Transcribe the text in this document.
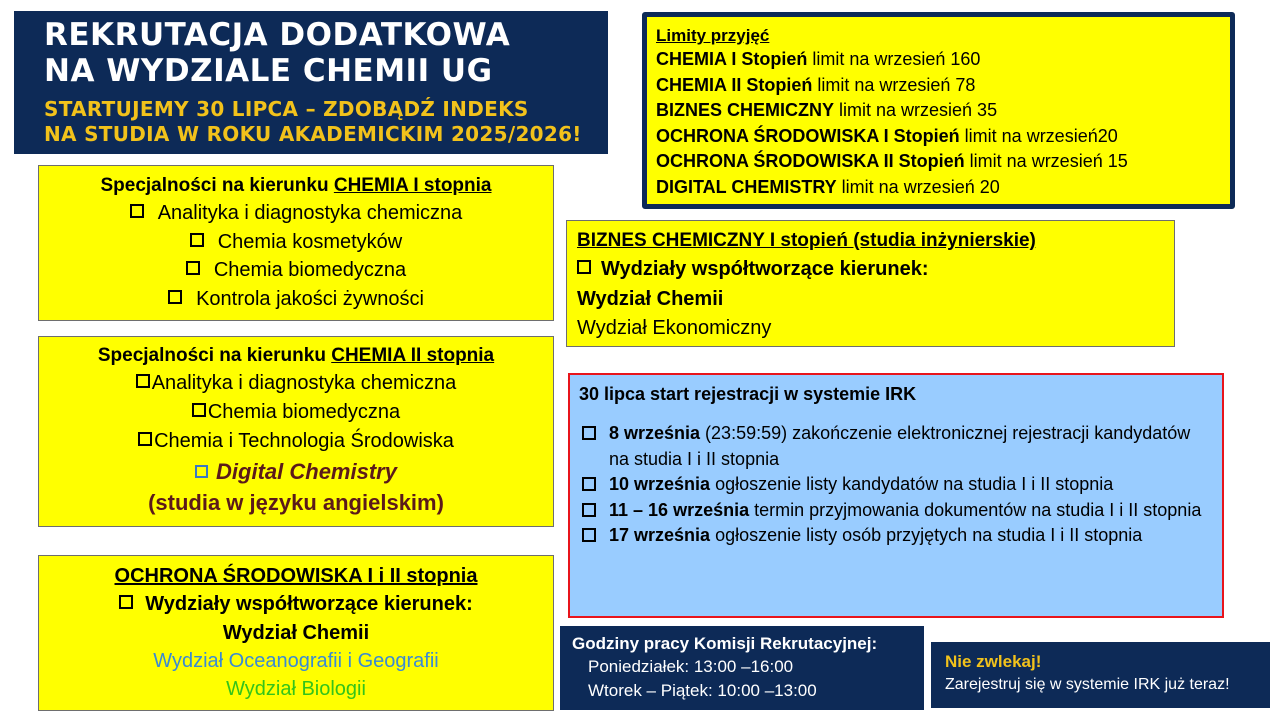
REKRUTACJA DODATKOWA
NA WYDZIALE CHEMII UG
STARTUJEMY 30 LIPCA – ZDOBĄDŹ INDEKS
NA STUDIA W ROKU AKADEMICKIM 2025/2026!
Limity przyjęć
CHEMIA I Stopień limit na wrzesień 160
CHEMIA II Stopień limit na wrzesień 78
BIZNES CHEMICZNY limit na wrzesień 35
OCHRONA ŚRODOWISKA I Stopień limit na wrzesień20
OCHRONA ŚRODOWISKA II Stopień limit na wrzesień 15
DIGITAL CHEMISTRY limit na wrzesień 20
Specjalności na kierunku CHEMIA I stopnia
Analityka i diagnostyka chemiczna
Chemia kosmetyków
Chemia biomedyczna
Kontrola jakości żywności
Specjalności na kierunku CHEMIA II stopnia
Analityka i diagnostyka chemiczna
Chemia biomedyczna
Chemia i Technologia Środowiska
Digital Chemistry
(studia w języku angielskim)
OCHRONA ŚRODOWISKA I i II stopnia
Wydziały współtworzące kierunek:
Wydział Chemii
Wydział Oceanografii i Geografii
Wydział Biologii
BIZNES CHEMICZNY I stopień (studia inżynierskie)
Wydziały współtworzące kierunek:
Wydział Chemii
Wydział Ekonomiczny
30 lipca start rejestracji w systemie IRK
8 września (23:59:59) zakończenie elektronicznej rejestracji kandydatów na studia I i II stopnia
10 września ogłoszenie listy kandydatów na studia I i II stopnia
11 – 16 września termin przyjmowania dokumentów na studia I i II stopnia
17 września ogłoszenie listy osób przyjętych na studia I i II stopnia
Godziny pracy Komisji Rekrutacyjnej:
Poniedziałek: 13:00 –16:00
Wtorek – Piątek: 10:00 –13:00
Nie zwlekaj!
Zarejestruj się w systemie IRK już teraz!
